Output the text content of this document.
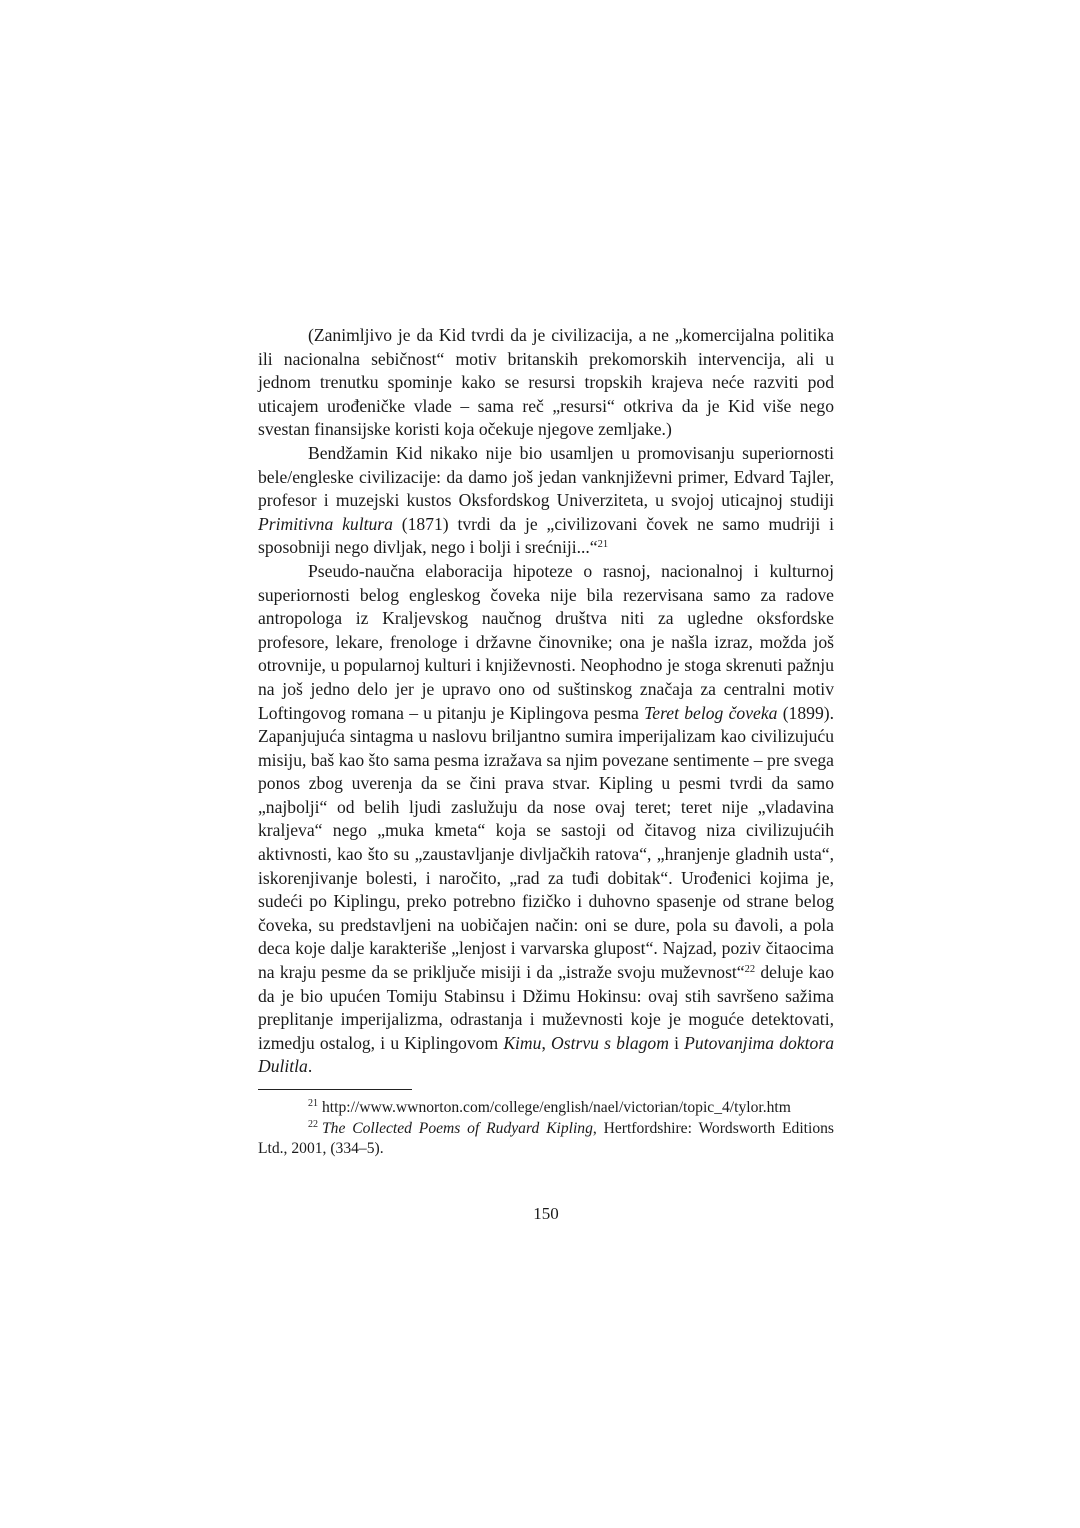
(Zanimljivo je da Kid tvrdi da je civilizacija, a ne „komercijalna politika ili nacionalna sebičnost“ motiv britanskih prekomorskih intervencija, ali u jednom trenutku spominje kako se resursi tropskih krajeva neće razviti pod uticajem urođeničke vlade – sama reč „resursi“ otkriva da je Kid više nego svestan finansijske koristi koja očekuje njegove zemljake.)

Bendžamin Kid nikako nije bio usamljen u promovisanju superiornosti bele/engleske civilizacije: da damo još jedan vanknjiževni primer, Edvard Tajler, profesor i muzejski kustos Oksfordskog Univerziteta, u svojoj uticajnoj studiji Primitivna kultura (1871) tvrdi da je „civilizovani čovek ne samo mudriji i sposobniji nego divljak, nego i bolji i srećniji...“$^{21}$

Pseudo-naučna elaboracija hipoteze o rasnoj, nacionalnoj i kulturnoj superiornosti belog engleskog čoveka nije bila rezervisana samo za radove antropologa iz Kraljevskog naučnog društva niti za ugledne oksfordske profesore, lekare, frenologe i državne činovnike; ona je našla izraz, možda još otrovnije, u popularnoj kulturi i književnosti. Neophodno je stoga skrenuti pažnju na još jedno delo jer je upravo ono od suštinskog značaja za centralni motiv Loftingovog romana – u pitanju je Kiplingova pesma Teret belog čoveka (1899). Zapanjujuća sintagma u naslovu briljantno sumira imperijalizam kao civilizujuću misiju, baš kao što sama pesma izražava sa njim povezane sentimente – pre svega ponos zbog uverenja da se čini prava stvar. Kipling u pesmi tvrdi da samo „najbolji“ od belih ljudi zaslužuju da nose ovaj teret; teret nije „vladavina kraljeva“ nego „muka kmeta“ koja se sastoji od čitavog niza civilizujućih aktivnosti, kao što su „zaustavljanje divljačkih ratova“, „hranjenje gladnih usta“, iskorenjivanje bolesti, i naročito, „rad za tuđi dobitak“. Urođenici kojima je, sudeći po Kiplingu, preko potrebno fizičko i duhovno spasenje od strane belog čoveka, su predstavljeni na uobičajen način: oni se dure, pola su đavoli, a pola deca koje dalje karakteriše „lenjost i varvarska glupost“. Najzad, poziv čitaocima na kraju pesme da se priključe misiji i da „istraže svoju muževnost“$^{22}$ deluje kao da je bio upućen Tomiju Stabinsu i Džimu Hokinsu: ovaj stih savršeno sažima preplitanje imperijalizma, odrastanja i muževnosti koje je moguće detektovati, izmedju ostalog, i u Kiplingovom Kimu, Ostrvu s blagom i Putovanjima doktora Dulitla.

$^{21}$ http://www.wwnorton.com/college/english/nael/victorian/topic_4/tylor.htm

$^{22}$ The Collected Poems of Rudyard Kipling, Hertfordshire: Wordsworth Editions Ltd., 2001, (334–5).

150
